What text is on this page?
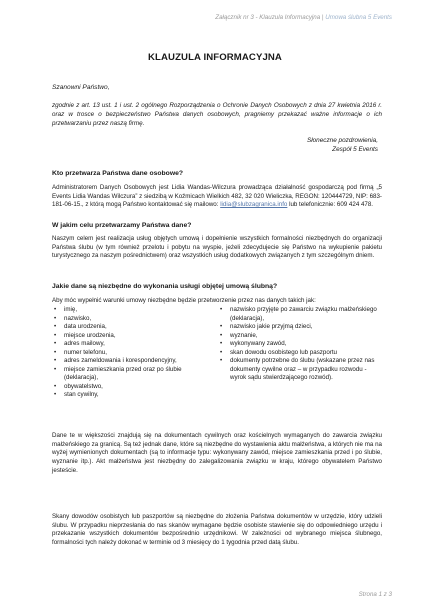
Załącznik nr 3 - Klauzula Informacyjna | Umowa ślubna 5 Events
KLAUZULA INFORMACYJNA
Szanowni Państwo,
zgodnie z art. 13 ust. 1 i ust. 2 ogólnego Rozporządzenia o Ochronie Danych Osobowych z dnia 27 kwietnia 2016 r. oraz w trosce o bezpieczeństwo Państwa danych osobowych, pragniemy przekazać ważne informacje o ich przetwarzaniu przez naszą firmę.
Słoneczne pozdrowienia,
Zespół 5 Events
Kto przetwarza Państwa dane osobowe?

Administratorem Danych Osobowych jest Lidia Wandas-Wilczura prowadząca działalność gospodarczą pod firmą „5 Events Lidia Wandas Wilczura” z siedzibą w Koźmicach Wielkich 482, 32 020 Wieliczka, REGON: 120444729, NIP: 683-181-06-15., z którą mogą Państwo kontaktować się mailowo: lidia@slubzagranica.info lub telefonicznie: 609 424 478.

W jakim celu przetwarzamy Państwa dane?

Naszym celem jest realizacja usług objętych umową i dopełnienie wszystkich formalności niezbędnych do organizacji Państwa ślubu (w tym również przelotu i pobytu na wyspie, jeżeli zdecydujecie się Państwo na wykupienie pakietu turystycznego za naszym pośrednictwem) oraz wszystkich usług dodatkowych związanych z tym szczególnym dniem.

Jakie dane są niezbędne do wykonania usługi objętej umową ślubną?

Aby móc wypełnić warunki umowy niezbędne będzie przetworzenie przez nas danych takich jak:

• imię,
• nazwisko,
• data urodzenia,
• miejsce urodzenia,
• adres mailowy,
• numer telefonu,
• adres zameldowania i korespondencyjny,
• miejsce zamieszkania przed oraz po ślubie (deklaracja),
• obywatelstwo,
• stan cywilny,
• nazwisko przyjęte po zawarciu związku małżeńskiego (deklaracja),
• nazwisko jakie przyjmą dzieci,
• wyznanie,
• wykonywany zawód,
• skan dowodu osobistego lub paszportu
• dokumenty potrzebne do ślubu (wskazane przez nas dokumenty cywilne oraz – w przypadku rozwodu - wyrok sądu stwierdzającego rozwód).

Dane te w większości znajdują się na dokumentach cywilnych oraz kościelnych wymaganych do zawarcia związku małżeńskiego za granicą. Są też jednak dane, które są niezbędne do wystawienia aktu małżeństwa, a których nie ma na wyżej wymienionych dokumentach (są to informacje typu: wykonywany zawód, miejsce zamieszkania przed i po ślubie, wyznanie itp.). Akt małżeństwa jest niezbędny do zalegalizowania związku w kraju, którego obywatelem Państwo jesteście.

Skany dowodów osobistych lub paszportów są niezbędne do złożenia Państwa dokumentów w urzędzie, który udzieli ślubu. W przypadku nieprzesłania do nas skanów wymagane będzie osobiste stawienie się do odpowiedniego urzędu i przekazanie wszystkich dokumentów bezpośrednio urzędnikowi. W zależności od wybranego miejsca ślubnego, formalności tych należy dokonać w terminie od 3 miesięcy do 1 tygodnia przed datą ślubu.

Strona 1 z 3
